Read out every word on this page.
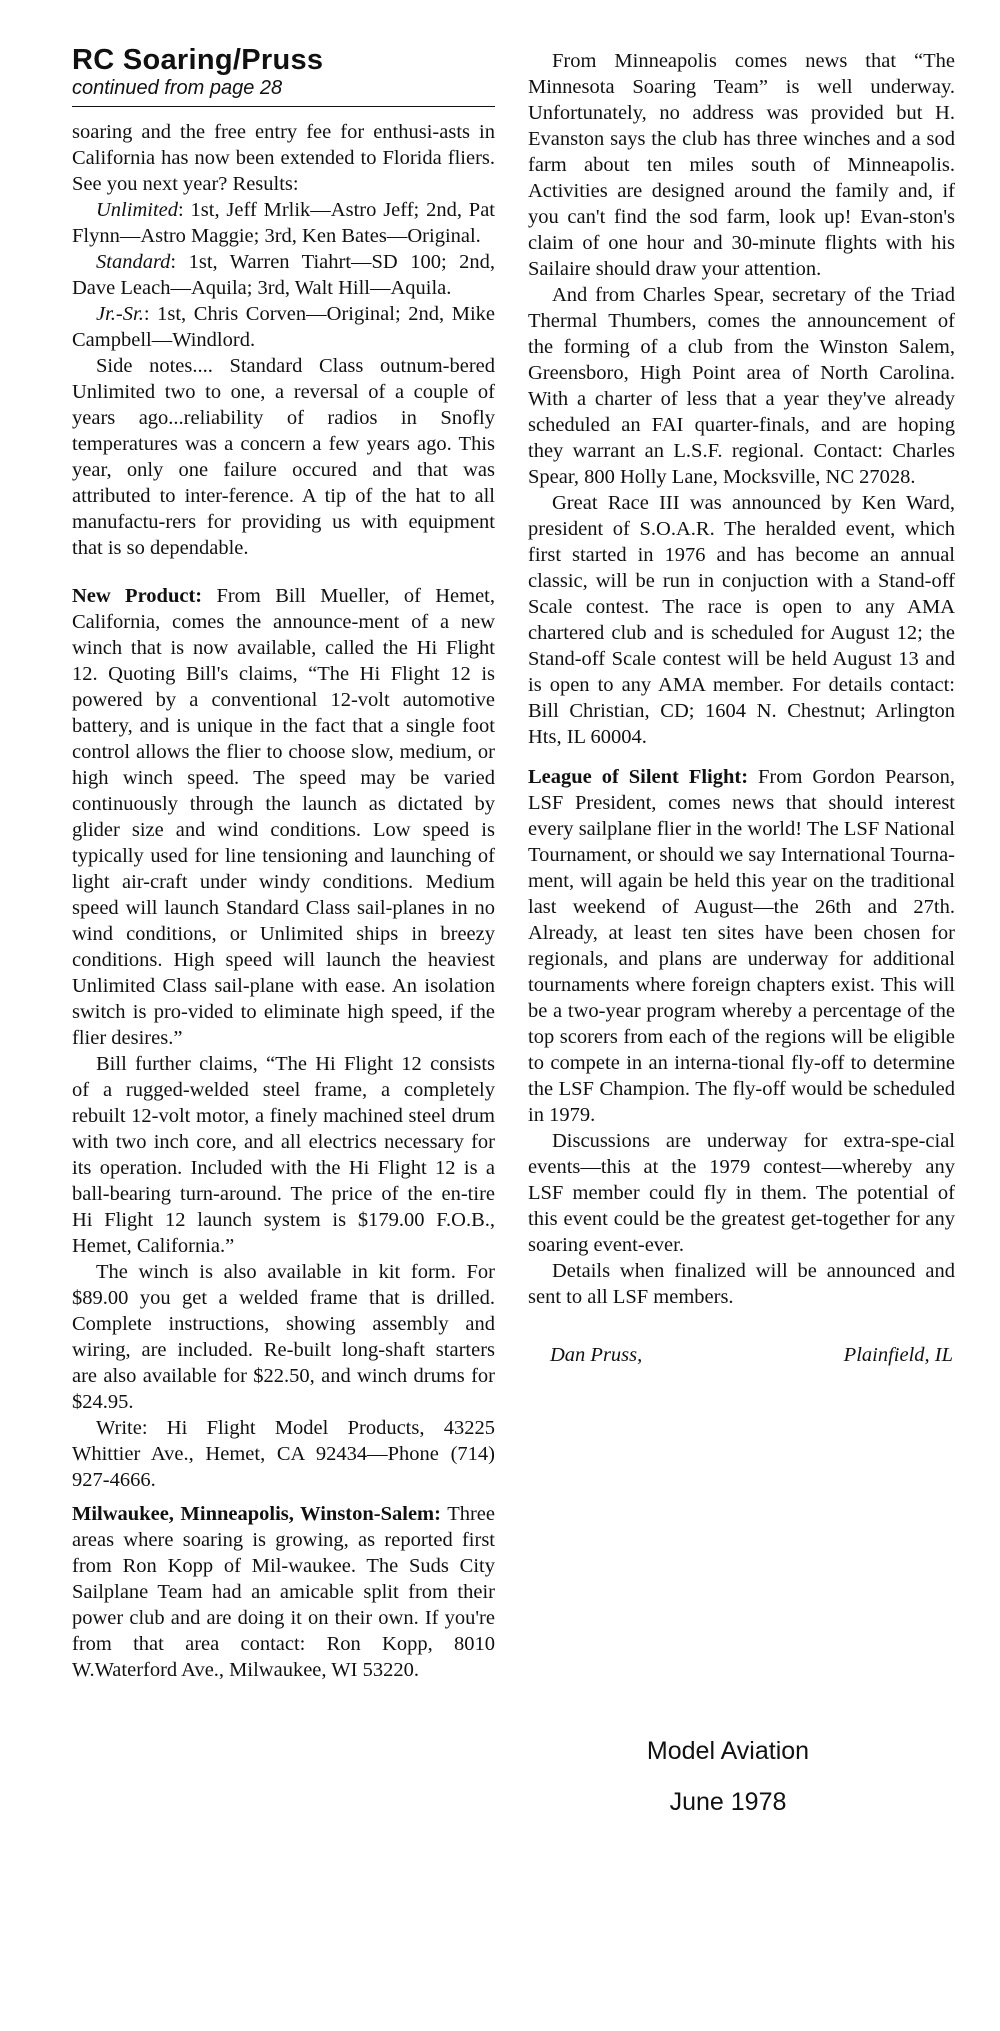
RC Soaring/Pruss
continued from page 28

soaring and the free entry fee for enthusi-asts in California has now been extended to Florida fliers. See you next year? Results:

Unlimited: 1st, Jeff Mrlik—Astro Jeff; 2nd, Pat Flynn—Astro Maggie; 3rd, Ken Bates—Original.

Standard: 1st, Warren Tiahrt—SD 100; 2nd, Dave Leach—Aquila; 3rd, Walt Hill—Aquila.

Jr.-Sr.: 1st, Chris Corven—Original; 2nd, Mike Campbell—Windlord.

Side notes.... Standard Class outnum-bered Unlimited two to one, a reversal of a couple of years ago...reliability of radios in Snofly temperatures was a concern a few years ago. This year, only one failure occured and that was attributed to inter-ference. A tip of the hat to all manufactu-rers for providing us with equipment that is so dependable.

New Product: From Bill Mueller, of Hemet, California, comes the announce-ment of a new winch that is now available, called the Hi Flight 12. Quoting Bill's claims, “The Hi Flight 12 is powered by a conventional 12-volt automotive battery, and is unique in the fact that a single foot control allows the flier to choose slow, medium, or high winch speed. The speed may be varied continuously through the launch as dictated by glider size and wind conditions. Low speed is typically used for line tensioning and launching of light air-craft under windy conditions. Medium speed will launch Standard Class sail-planes in no wind conditions, or Unlimited ships in breezy conditions. High speed will launch the heaviest Unlimited Class sail-plane with ease. An isolation switch is pro-vided to eliminate high speed, if the flier desires.”

Bill further claims, “The Hi Flight 12 consists of a rugged-welded steel frame, a completely rebuilt 12-volt motor, a finely machined steel drum with two inch core, and all electrics necessary for its operation. Included with the Hi Flight 12 is a ball-bearing turn-around. The price of the en-tire Hi Flight 12 launch system is $179.00 F.O.B., Hemet, California.”

The winch is also available in kit form. For $89.00 you get a welded frame that is drilled. Complete instructions, showing assembly and wiring, are included. Re-built long-shaft starters are also available for $22.50, and winch drums for $24.95.

Write: Hi Flight Model Products, 43225 Whittier Ave., Hemet, CA 92434—Phone (714) 927-4666.

Milwaukee, Minneapolis, Winston-Salem: Three areas where soaring is growing, as reported first from Ron Kopp of Mil-waukee. The Suds City Sailplane Team had an amicable split from their power club and are doing it on their own. If you're from that area contact: Ron Kopp, 8010 W.Waterford Ave., Milwaukee, WI 53220.

From Minneapolis comes news that “The Minnesota Soaring Team” is well underway. Unfortunately, no address was provided but H. Evanston says the club has three winches and a sod farm about ten miles south of Minneapolis. Activities are designed around the family and, if you can't find the sod farm, look up! Evan-ston's claim of one hour and 30-minute flights with his Sailaire should draw your attention.

And from Charles Spear, secretary of the Triad Thermal Thumbers, comes the announcement of the forming of a club from the Winston Salem, Greensboro, High Point area of North Carolina. With a charter of less that a year they've already scheduled an FAI quarter-finals, and are hoping they warrant an L.S.F. regional. Contact: Charles Spear, 800 Holly Lane, Mocksville, NC 27028.

Great Race III was announced by Ken Ward, president of S.O.A.R. The heralded event, which first started in 1976 and has become an annual classic, will be run in conjuction with a Stand-off Scale contest. The race is open to any AMA chartered club and is scheduled for August 12; the Stand-off Scale contest will be held August 13 and is open to any AMA member. For details contact: Bill Christian, CD; 1604 N. Chestnut; Arlington Hts, IL 60004.

League of Silent Flight: From Gordon Pearson, LSF President, comes news that should interest every sailplane flier in the world! The LSF National Tournament, or should we say International Tourna-ment, will again be held this year on the traditional last weekend of August—the 26th and 27th. Already, at least ten sites have been chosen for regionals, and plans are underway for additional tournaments where foreign chapters exist. This will be a two-year program whereby a percentage of the top scorers from each of the regions will be eligible to compete in an interna-tional fly-off to determine the LSF Champion. The fly-off would be scheduled in 1979.

Discussions are underway for extra-spe-cial events—this at the 1979 contest—whereby any LSF member could fly in them. The potential of this event could be the greatest get-together for any soaring event-ever.

Details when finalized will be announced and sent to all LSF members.

Dan Pruss,	Plainfield, IL
Model Aviation
June 1978
